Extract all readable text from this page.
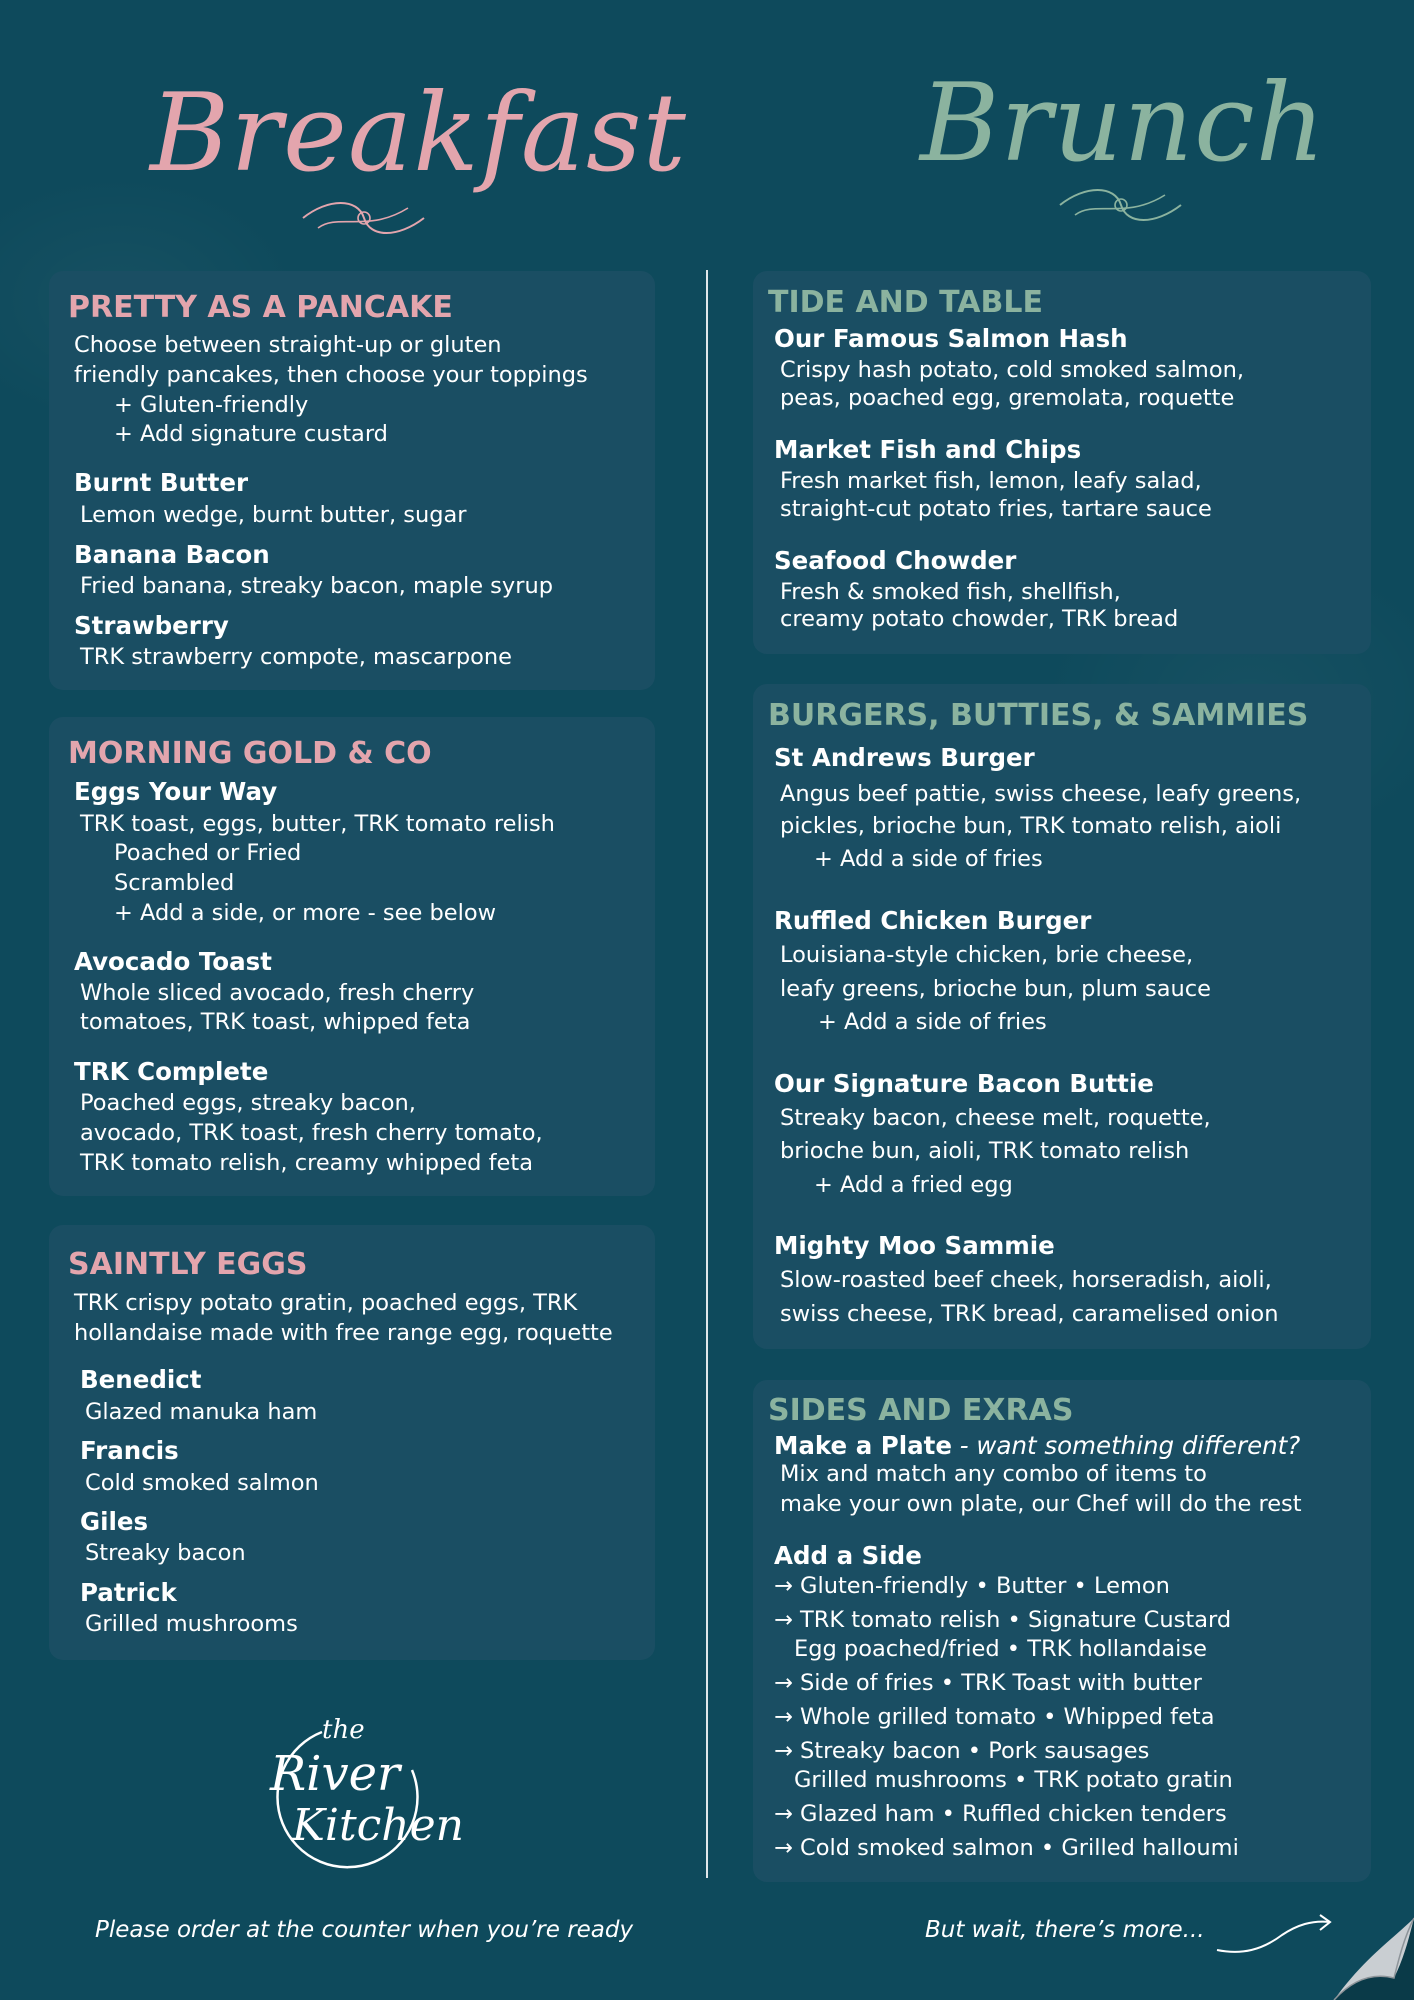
Breakfast Brunch
PRETTY AS A PANCAKE
Choose between straight-up or gluten
friendly pancakes, then choose your toppings
+ Gluten-friendly
+ Add signature custard
Burnt Butter
Lemon wedge, burnt butter, sugar
Banana Bacon
Fried banana, streaky bacon, maple syrup
Strawberry
TRK strawberry compote, mascarpone
MORNING GOLD & CO
Eggs Your Way
TRK toast, eggs, butter, TRK tomato relish
Poached or Fried
Scrambled
+ Add a side, or more - see below
Avocado Toast
Whole sliced avocado, fresh cherry
tomatoes, TRK toast, whipped feta
TRK Complete
Poached eggs, streaky bacon,
avocado, TRK toast, fresh cherry tomato,
TRK tomato relish, creamy whipped feta
SAINTLY EGGS
TRK crispy potato gratin, poached eggs, TRK
hollandaise made with free range egg, roquette
Benedict
Glazed manuka ham
Francis
Cold smoked salmon
Giles
Streaky bacon
Patrick
Grilled mushrooms
the
River
Kitchen
TIDE AND TABLE
Our Famous Salmon Hash
Crispy hash potato, cold smoked salmon,
peas, poached egg, gremolata, roquette
Market Fish and Chips
Fresh market fish, lemon, leafy salad,
straight-cut potato fries, tartare sauce
Seafood Chowder
Fresh & smoked fish, shellfish,
creamy potato chowder, TRK bread
BURGERS, BUTTIES, & SAMMIES
St Andrews Burger
Angus beef pattie, swiss cheese, leafy greens,
pickles, brioche bun, TRK tomato relish, aioli
+ Add a side of fries
Ruffled Chicken Burger
Louisiana-style chicken, brie cheese,
leafy greens, brioche bun, plum sauce
+ Add a side of fries
Our Signature Bacon Buttie
Streaky bacon, cheese melt, roquette,
brioche bun, aioli, TRK tomato relish
+ Add a fried egg
Mighty Moo Sammie
Slow-roasted beef cheek, horseradish, aioli,
swiss cheese, TRK bread, caramelised onion
SIDES AND EXRAS
Make a Plate - want something different?
Mix and match any combo of items to
make your own plate, our Chef will do the rest
Add a Side
→ Gluten-friendly • Butter • Lemon
→ TRK tomato relish • Signature Custard
Egg poached/fried • TRK hollandaise
→ Side of fries • TRK Toast with butter
→ Whole grilled tomato • Whipped feta
→ Streaky bacon • Pork sausages
Grilled mushrooms • TRK potato gratin
→ Glazed ham • Ruffled chicken tenders
→ Cold smoked salmon • Grilled halloumi
Please order at the counter when you’re ready	But wait, there’s more...
